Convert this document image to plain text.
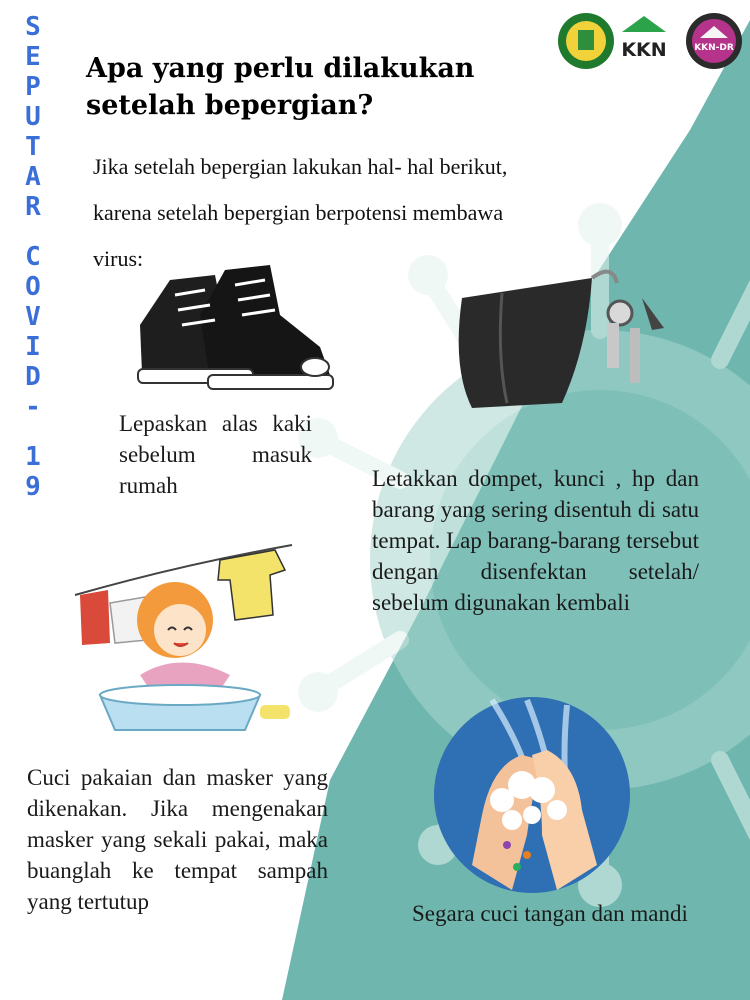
S
E
P
U
T
A
R
C
O
V
I
D
-
1
9
KKN	KKN-DR
Apa yang perlu dilakukan
setelah bepergian?

Jika setelah bepergian lakukan hal- hal berikut,
karena setelah bepergian berpotensi membawa
virus:

Lepaskan alas kaki sebelum masuk rumah	Letakkan dompet, kunci , hp dan barang yang sering disentuh di satu tempat. Lap barang-barang tersebut dengan disenfektan setelah/ sebelum digunakan kembali

Cuci pakaian dan masker yang dikenakan. Jika mengenakan masker yang sekali pakai, maka buanglah ke tempat sampah yang tertutup	Segara cuci tangan dan mandi
